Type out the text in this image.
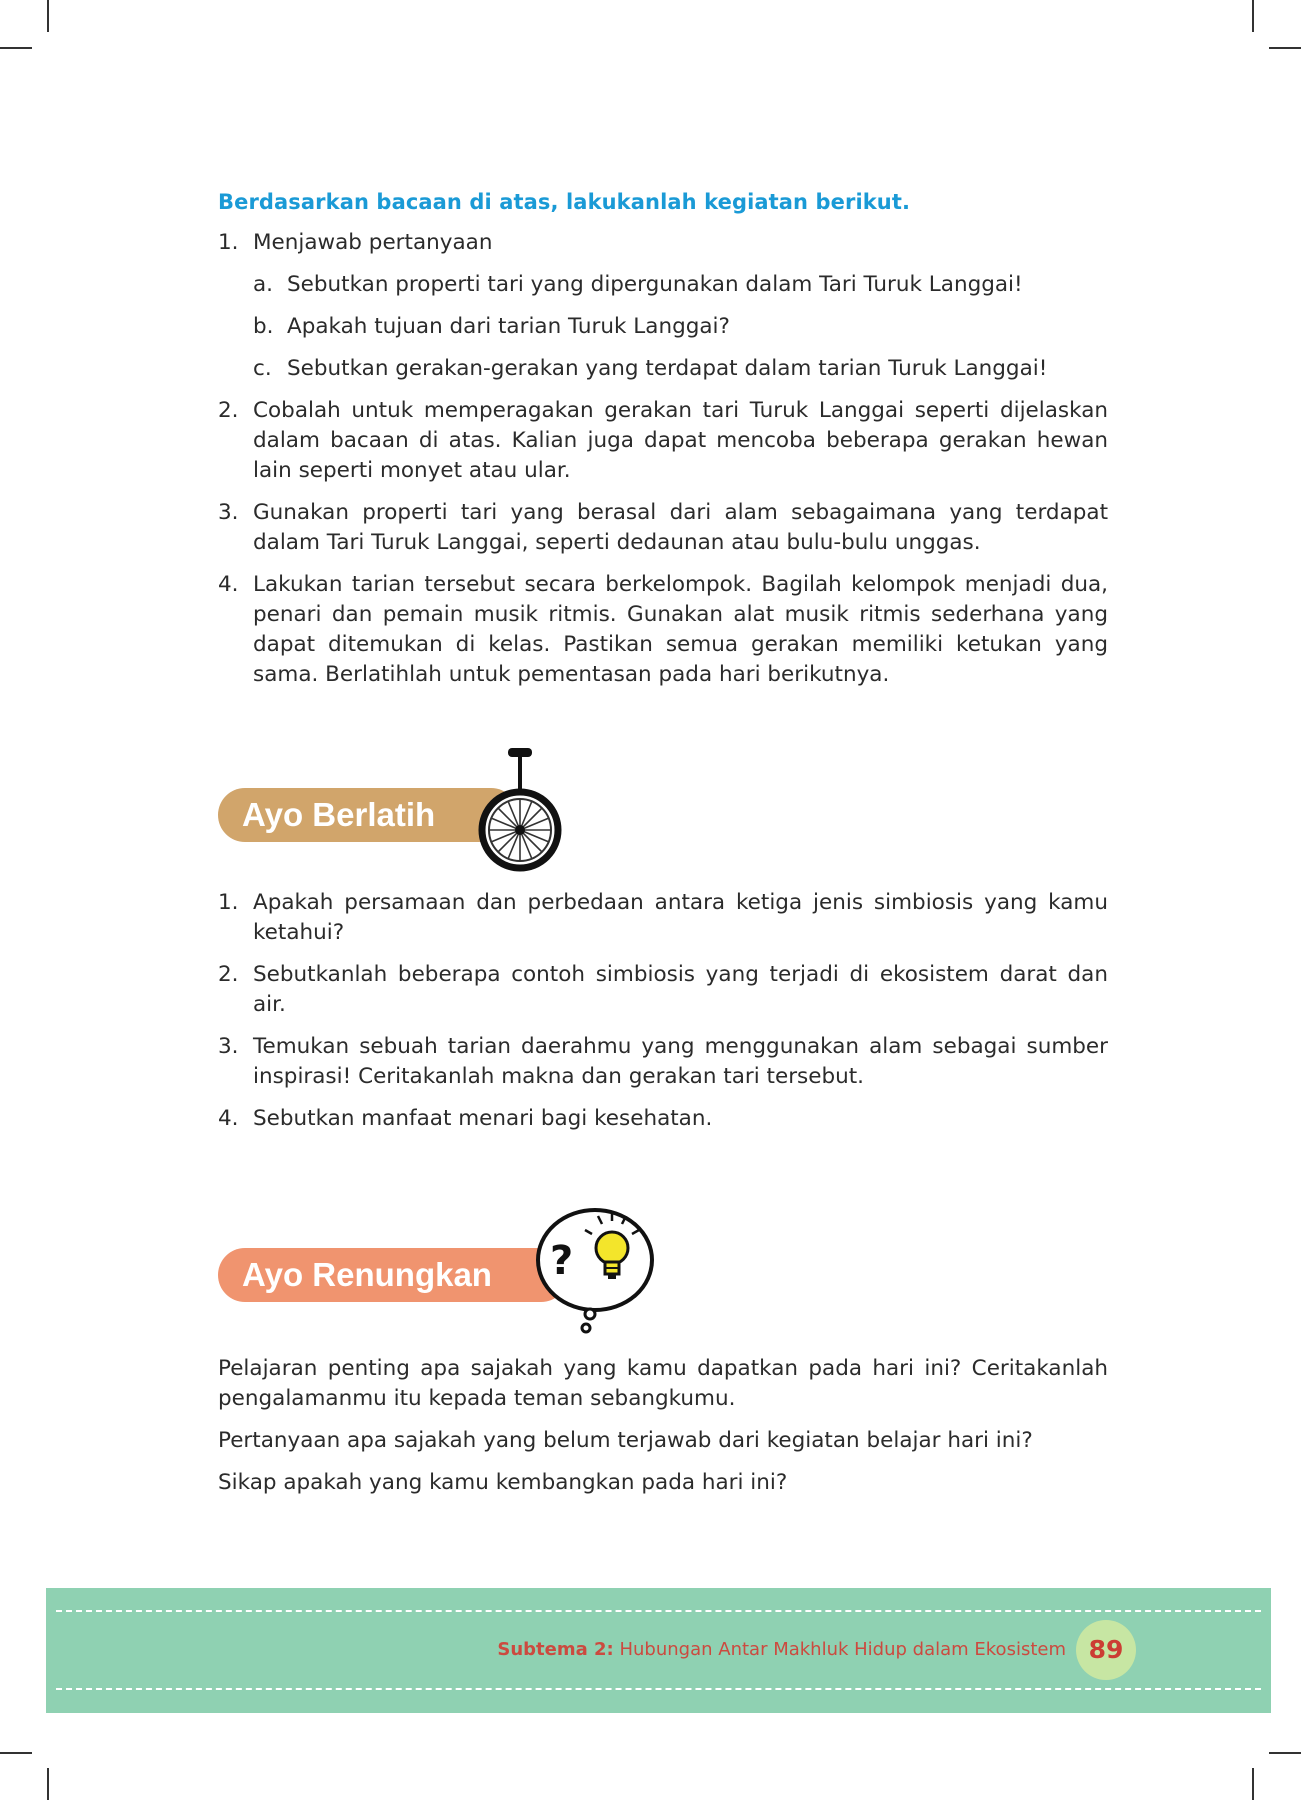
Berdasarkan bacaan di atas, lakukanlah kegiatan berikut.

1. Menjawab pertanyaan
a. Sebutkan properti tari yang dipergunakan dalam Tari Turuk Langgai!
b. Apakah tujuan dari tarian Turuk Langgai?
c. Sebutkan gerakan-gerakan yang terdapat dalam tarian Turuk Langgai!
2. Cobalah untuk memperagakan gerakan tari Turuk Langgai seperti dijelaskan dalam bacaan di atas. Kalian juga dapat mencoba beberapa gerakan hewan lain seperti monyet atau ular.
3. Gunakan properti tari yang berasal dari alam sebagaimana yang terdapat dalam Tari Turuk Langgai, seperti dedaunan atau bulu-bulu unggas.
4. Lakukan tarian tersebut secara berkelompok. Bagilah kelompok menjadi dua, penari dan pemain musik ritmis. Gunakan alat musik ritmis sederhana yang dapat ditemukan di kelas. Pastikan semua gerakan memiliki ketukan yang sama. Berlatihlah untuk pementasan pada hari berikutnya.
Ayo Berlatih
1. Apakah persamaan dan perbedaan antara ketiga jenis simbiosis yang kamu ketahui?
2. Sebutkanlah beberapa contoh simbiosis yang terjadi di ekosistem darat dan air.
3. Temukan sebuah tarian daerahmu yang menggunakan alam sebagai sumber inspirasi! Ceritakanlah makna dan gerakan tari tersebut.
4. Sebutkan manfaat menari bagi kesehatan.
Ayo Renungkan	?

Pelajaran penting apa sajakah yang kamu dapatkan pada hari ini? Ceritakanlah pengalamanmu itu kepada teman sebangkumu.

Pertanyaan apa sajakah yang belum terjawab dari kegiatan belajar hari ini?

Sikap apakah yang kamu kembangkan pada hari ini?

Subtema 2: Hubungan Antar Makhluk Hidup dalam Ekosistem 89
